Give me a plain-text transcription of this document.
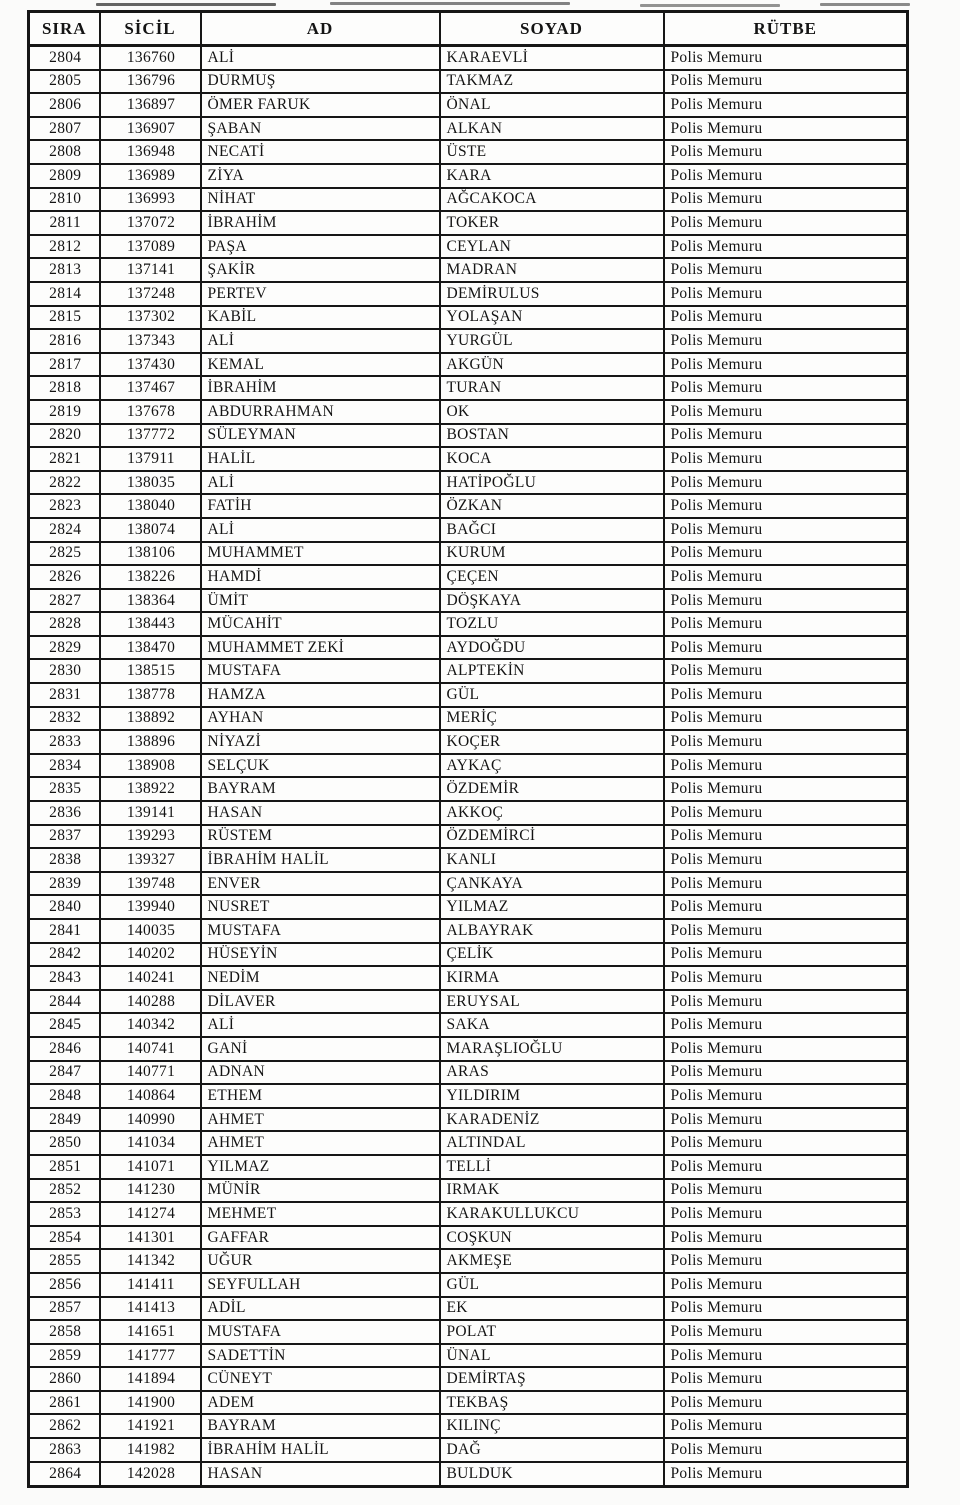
SIRA	SİCİL	AD	SOYAD	RÜTBE
2804	136760	ALİ	KARAEVLİ	Polis Memuru
2805	136796	DURMUŞ	TAKMAZ	Polis Memuru
2806	136897	ÖMER FARUK	ÖNAL	Polis Memuru
2807	136907	ŞABAN	ALKAN	Polis Memuru
2808	136948	NECATİ	ÜSTE	Polis Memuru
2809	136989	ZİYA	KARA	Polis Memuru
2810	136993	NİHAT	AĞCAKOCA	Polis Memuru
2811	137072	İBRAHİM	TOKER	Polis Memuru
2812	137089	PAŞA	CEYLAN	Polis Memuru
2813	137141	ŞAKİR	MADRAN	Polis Memuru
2814	137248	PERTEV	DEMİRULUS	Polis Memuru
2815	137302	KABİL	YOLAŞAN	Polis Memuru
2816	137343	ALİ	YURGÜL	Polis Memuru
2817	137430	KEMAL	AKGÜN	Polis Memuru
2818	137467	İBRAHİM	TURAN	Polis Memuru
2819	137678	ABDURRAHMAN	OK	Polis Memuru
2820	137772	SÜLEYMAN	BOSTAN	Polis Memuru
2821	137911	HALİL	KOCA	Polis Memuru
2822	138035	ALİ	HATİPOĞLU	Polis Memuru
2823	138040	FATİH	ÖZKAN	Polis Memuru
2824	138074	ALİ	BAĞCI	Polis Memuru
2825	138106	MUHAMMET	KURUM	Polis Memuru
2826	138226	HAMDİ	ÇEÇEN	Polis Memuru
2827	138364	ÜMİT	DÖŞKAYA	Polis Memuru
2828	138443	MÜCAHİT	TOZLU	Polis Memuru
2829	138470	MUHAMMET ZEKİ	AYDOĞDU	Polis Memuru
2830	138515	MUSTAFA	ALPTEKİN	Polis Memuru
2831	138778	HAMZA	GÜL	Polis Memuru
2832	138892	AYHAN	MERİÇ	Polis Memuru
2833	138896	NİYAZİ	KOÇER	Polis Memuru
2834	138908	SELÇUK	AYKAÇ	Polis Memuru
2835	138922	BAYRAM	ÖZDEMİR	Polis Memuru
2836	139141	HASAN	AKKOÇ	Polis Memuru
2837	139293	RÜSTEM	ÖZDEMİRCİ	Polis Memuru
2838	139327	İBRAHİM HALİL	KANLI	Polis Memuru
2839	139748	ENVER	ÇANKAYA	Polis Memuru
2840	139940	NUSRET	YILMAZ	Polis Memuru
2841	140035	MUSTAFA	ALBAYRAK	Polis Memuru
2842	140202	HÜSEYİN	ÇELİK	Polis Memuru
2843	140241	NEDİM	KIRMA	Polis Memuru
2844	140288	DİLAVER	ERUYSAL	Polis Memuru
2845	140342	ALİ	SAKA	Polis Memuru
2846	140741	GANİ	MARAŞLIOĞLU	Polis Memuru
2847	140771	ADNAN	ARAS	Polis Memuru
2848	140864	ETHEM	YILDIRIM	Polis Memuru
2849	140990	AHMET	KARADENİZ	Polis Memuru
2850	141034	AHMET	ALTINDAL	Polis Memuru
2851	141071	YILMAZ	TELLİ	Polis Memuru
2852	141230	MÜNİR	IRMAK	Polis Memuru
2853	141274	MEHMET	KARAKULLUKCU	Polis Memuru
2854	141301	GAFFAR	COŞKUN	Polis Memuru
2855	141342	UĞUR	AKMEŞE	Polis Memuru
2856	141411	SEYFULLAH	GÜL	Polis Memuru
2857	141413	ADİL	EK	Polis Memuru
2858	141651	MUSTAFA	POLAT	Polis Memuru
2859	141777	SADETTİN	ÜNAL	Polis Memuru
2860	141894	CÜNEYT	DEMİRTAŞ	Polis Memuru
2861	141900	ADEM	TEKBAŞ	Polis Memuru
2862	141921	BAYRAM	KILINÇ	Polis Memuru
2863	141982	İBRAHİM HALİL	DAĞ	Polis Memuru
2864	142028	HASAN	BULDUK	Polis Memuru
